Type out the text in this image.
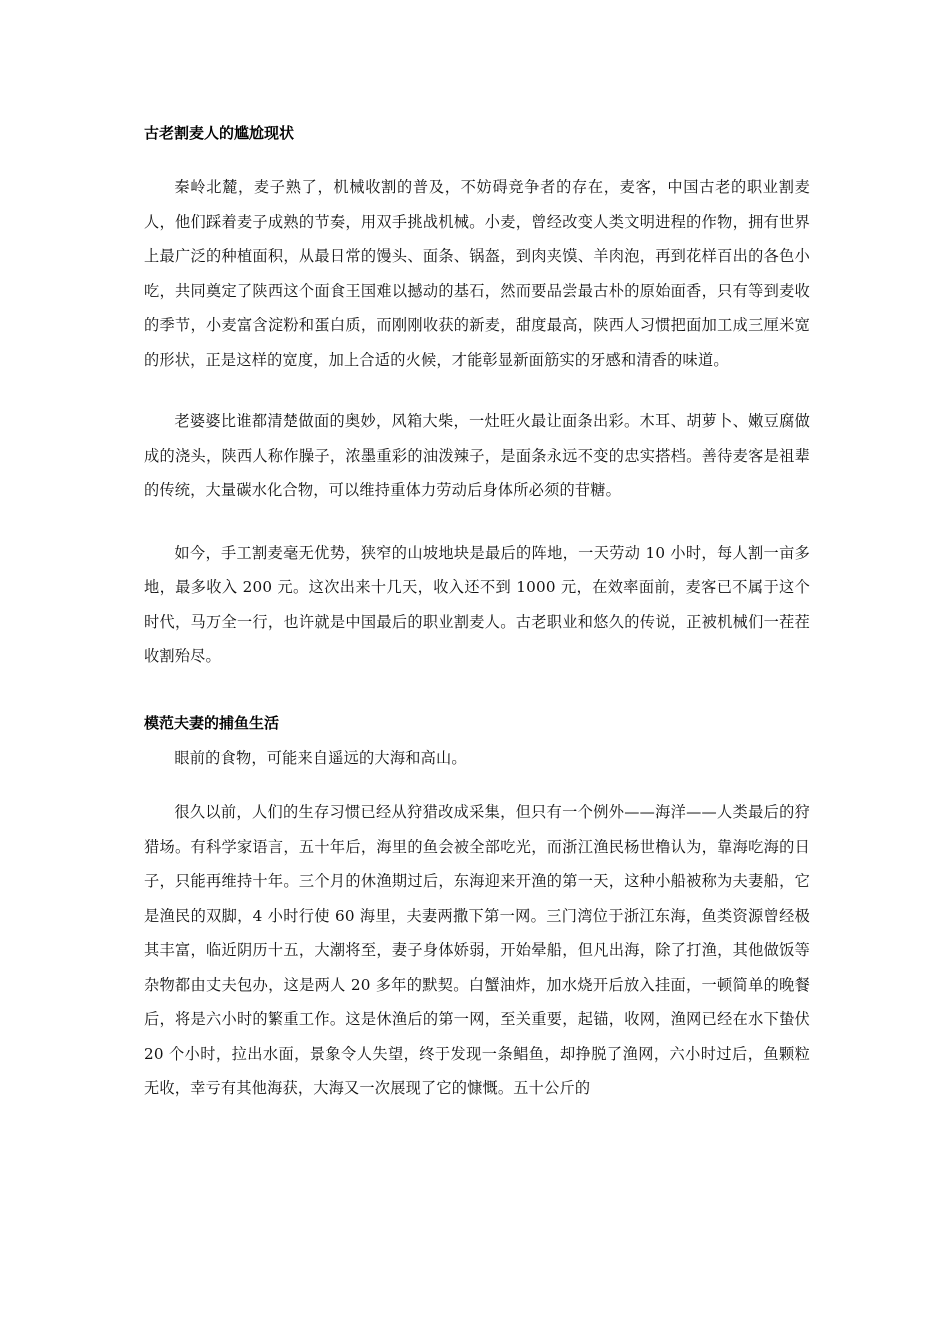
古老割麦人的尴尬现状

秦岭北麓，麦子熟了，机械收割的普及，不妨碍竞争者的存在，麦客，中国古老的职业割麦人，他们踩着麦子成熟的节奏，用双手挑战机械。小麦，曾经改变人类文明进程的作物，拥有世界上最广泛的种植面积，从最日常的馒头、面条、锅盔，到肉夹馍、羊肉泡，再到花样百出的各色小吃，共同奠定了陕西这个面食王国难以撼动的基石，然而要品尝最古朴的原始面香，只有等到麦收的季节，小麦富含淀粉和蛋白质，而刚刚收获的新麦，甜度最高，陕西人习惯把面加工成三厘米宽的形状，正是这样的宽度，加上合适的火候，才能彰显新面筋实的牙感和清香的味道。

老婆婆比谁都清楚做面的奥妙，风箱大柴，一灶旺火最让面条出彩。木耳、胡萝卜、嫩豆腐做成的浇头，陕西人称作臊子，浓墨重彩的油泼辣子，是面条永远不变的忠实搭档。善待麦客是祖辈的传统，大量碳水化合物，可以维持重体力劳动后身体所必须的苷糖。

如今，手工割麦毫无优势，狭窄的山坡地块是最后的阵地，一天劳动 10 小时，每人割一亩多地，最多收入 200 元。这次出来十几天，收入还不到 1000 元，在效率面前，麦客已不属于这个时代，马万全一行，也许就是中国最后的职业割麦人。古老职业和悠久的传说，正被机械们一茬茬收割殆尽。

模范夫妻的捕鱼生活

眼前的食物，可能来自遥远的大海和高山。

很久以前，人们的生存习惯已经从狩猎改成采集，但只有一个例外——海洋——人类最后的狩猎场。有科学家语言，五十年后，海里的鱼会被全部吃光，而浙江渔民杨世橹认为，靠海吃海的日子，只能再维持十年。三个月的休渔期过后，东海迎来开渔的第一天，这种小船被称为夫妻船，它是渔民的双脚，4 小时行使 60 海里，夫妻两撒下第一网。三门湾位于浙江东海，鱼类资源曾经极其丰富，临近阴历十五，大潮将至，妻子身体娇弱，开始晕船，但凡出海，除了打渔，其他做饭等杂物都由丈夫包办，这是两人 20 多年的默契。白蟹油炸，加水烧开后放入挂面，一顿简单的晚餐后，将是六小时的繁重工作。这是休渔后的第一网，至关重要，起锚，收网，渔网已经在水下蛰伏 20 个小时，拉出水面，景象令人失望，终于发现一条鲳鱼，却挣脱了渔网，六小时过后，鱼颗粒无收，幸亏有其他海获，大海又一次展现了它的慷慨。五十公斤的
